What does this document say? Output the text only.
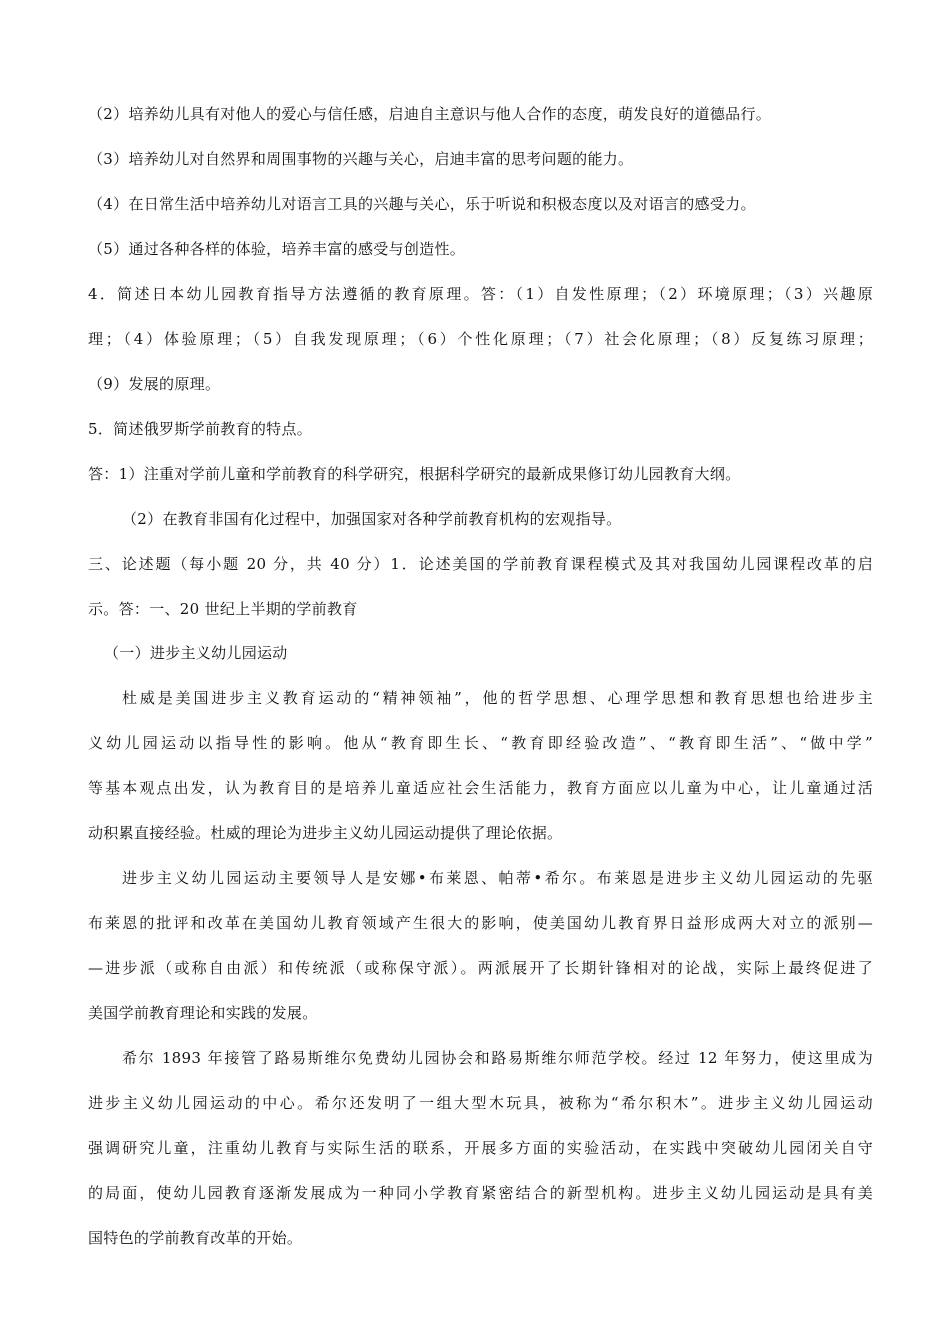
（2）培养幼儿具有对他人的爱心与信任感，启迪自主意识与他人合作的态度，萌发良好的道德品行。
（3）培养幼儿对自然界和周围事物的兴趣与关心，启迪丰富的思考问题的能力。
（4）在日常生活中培养幼儿对语言工具的兴趣与关心，乐于听说和积极态度以及对语言的感受力。
（5）通过各种各样的体验，培养丰富的感受与创造性。
4．简述日本幼儿园教育指导方法遵循的教育原理。答：（1）自发性原理；（2）环境原理；（3）兴趣原
理；（4）体验原理；（5）自我发现原理；（6）个性化原理；（7）社会化原理；（8）反复练习原理；
（9）发展的原理。
5．简述俄罗斯学前教育的特点。
答：1）注重对学前儿童和学前教育的科学研究，根据科学研究的最新成果修订幼儿园教育大纲。
（2）在教育非国有化过程中，加强国家对各种学前教育机构的宏观指导。
三、论述题（每小题 20 分，共 40 分）1．论述美国的学前教育课程模式及其对我国幼儿园课程改革的启
示。答：一、20 世纪上半期的学前教育
（一）进步主义幼儿园运动
杜威是美国进步主义教育运动的“精神领袖”，他的哲学思想、心理学思想和教育思想也给进步主
义幼儿园运动以指导性的影响。他从“教育即生长、“教育即经验改造”、“教育即生活”、“做中学”
等基本观点出发，认为教育目的是培养儿童适应社会生活能力，教育方面应以儿童为中心，让儿童通过活
动积累直接经验。杜威的理论为进步主义幼儿园运动提供了理论依据。
进步主义幼儿园运动主要领导人是安娜•布莱恩、帕蒂•希尔。布莱恩是进步主义幼儿园运动的先驱
布莱恩的批评和改革在美国幼儿教育领域产生很大的影响，使美国幼儿教育界日益形成两大对立的派别—
—进步派（或称自由派）和传统派（或称保守派）。两派展开了长期针锋相对的论战，实际上最终促进了
美国学前教育理论和实践的发展。
希尔 1893 年接管了路易斯维尔免费幼儿园协会和路易斯维尔师范学校。经过 12 年努力，使这里成为
进步主义幼儿园运动的中心。希尔还发明了一组大型木玩具，被称为“希尔积木”。进步主义幼儿园运动
强调研究儿童，注重幼儿教育与实际生活的联系，开展多方面的实验活动，在实践中突破幼儿园闭关自守
的局面，使幼儿园教育逐渐发展成为一种同小学教育紧密结合的新型机构。进步主义幼儿园运动是具有美
国特色的学前教育改革的开始。
